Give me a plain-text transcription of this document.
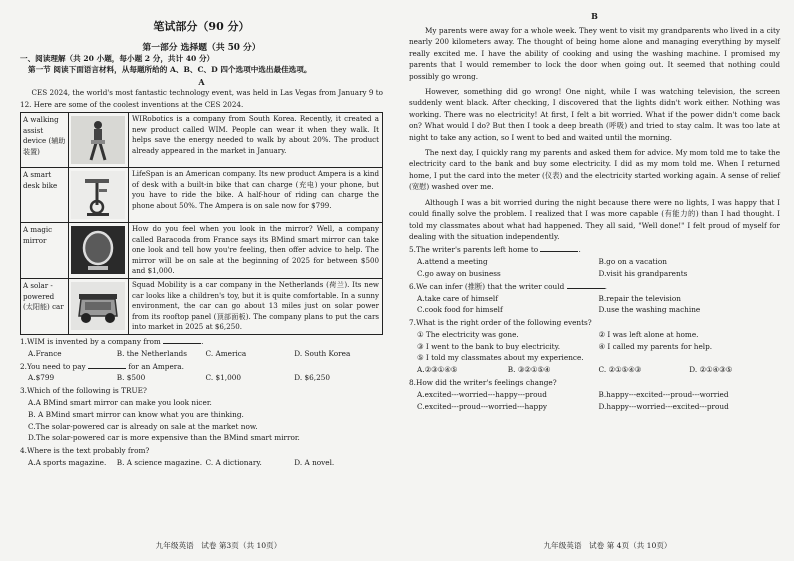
笔试部分（90 分）
第一部分 选择题（共 50 分）
一、阅读理解（共 20 小题，每小题 2 分，共计 40 分）
第一节 阅读下面语言材料，从每题所给的 A、B、C、D 四个选项中选出最佳选项。
A
CES 2024, the world's most fantastic technology event, was held in Las Vegas from January 9 to 12. Here are some of the coolest inventions at the CES 2024.
A walking assist device (辅助装置)		WIRobotics is a company from South Korea. Recently, it created a new product called WIM. People can wear it when they walk. It helps save the energy needed to walk by about 20%. The product already appeared in the market in January.
A smart desk bike		LifeSpan is an American company. Its new product Ampera is a kind of desk with a built-in bike that can charge (充电) your phone, but you have to ride the bike. A half-hour of riding can charge the phone about 50%. The Ampera is on sale now for $799.
A magic mirror		How do you feel when you look in the mirror? Well, a company called Baracoda from France says its BMind smart mirror can take one look and tell how you're feeling, then offer advice to help. The mirror will be on sale at the beginning of 2025 for between $500 and $1,000.
A solar -powered (太阳能) car		Squad Mobility is a car company in the Netherlands (荷兰). Its new car looks like a children's toy, but it is quite comfortable. In a sunny environment, the car can go about 13 miles just on solar power from its rooftop panel (顶部面板). The company plans to put the cars into market in 2025 at $6,250.
1.WIM is invented by a company from	.
A.France	B. the Netherlands	C. America	D. South Korea
2.You need to pay	for an Ampera.
A.$799	B. $500	C. $1,000	D. $6,250
3.Which of the following is TRUE?
A.A BMind smart mirror can make you look nicer.
B. A BMind smart mirror can know what you are thinking.
C.The solar-powered car is already on sale at the market now.
D.The solar-powered car is more expensive than the BMind smart mirror.
4.Where is the text probably from?
A.A sports magazine.	B. A science magazine. C. A dictionary.	D. A novel.
九年级英语　试卷 第3页（共 10页）
B
My parents were away for a whole week. They went to visit my grandparents who lived in a city nearly 200 kilometers away. The thought of being home alone and managing everything by myself really excited me. I have the ability of cooking and using the washing machine. I promised my parents that I would remember to lock the door when going out. It seemed that nothing could possibly go wrong.
However, something did go wrong! One night, while I was watching television, the screen suddenly went black. After checking, I discovered that the lights didn't work either. Nothing was working. There was no electricity! At first, I felt a bit worried. What if the power didn't come back on? What would I do? But then I took a deep breath (呼吸) and tried to stay calm. It was too late at night to take any action, so I went to bed and waited until the morning.
The next day, I quickly rang my parents and asked them for advice. My mom told me to take the electricity card to the bank and buy some electricity. I did as my mom told me. When I returned home, I put the card into the meter (仪表) and the electricity started working again. A sense of relief (宽慰) washed over me.
Although I was a bit worried during the night because there were no lights, I was happy that I could finally solve the problem. I realized that I was more capable (有能力的) than I had thought. I told my classmates about what had happened. They all said, "Well done!" I felt proud of myself for dealing with the situation independently.
5.The writer's parents left home to	.
A.attend a meeting	B.go on a vacation
C.go away on business	D.visit his grandparents
6.We can infer (推断) that the writer could	.
A.take care of himself	B.repair the television
C.cook food for himself	D.use the washing machine
7.What is the right order of the following events?
① The electricity was gone.	② I was left alone at home.
③ I went to the bank to buy electricity.	④ I called my parents for help.
⑤ I told my classmates about my experience.
A.②③①④⑤	B. ③②①⑤④	C. ②①⑤④③	D. ②①④③⑤
8.How did the writer's feelings change?
A.excited---worried---happy---proud	B.happy---excited---proud---worried
C.excited---proud---worried---happy	D.happy---worried---excited---proud
九年级英语　试卷 第 4页（共 10页）
